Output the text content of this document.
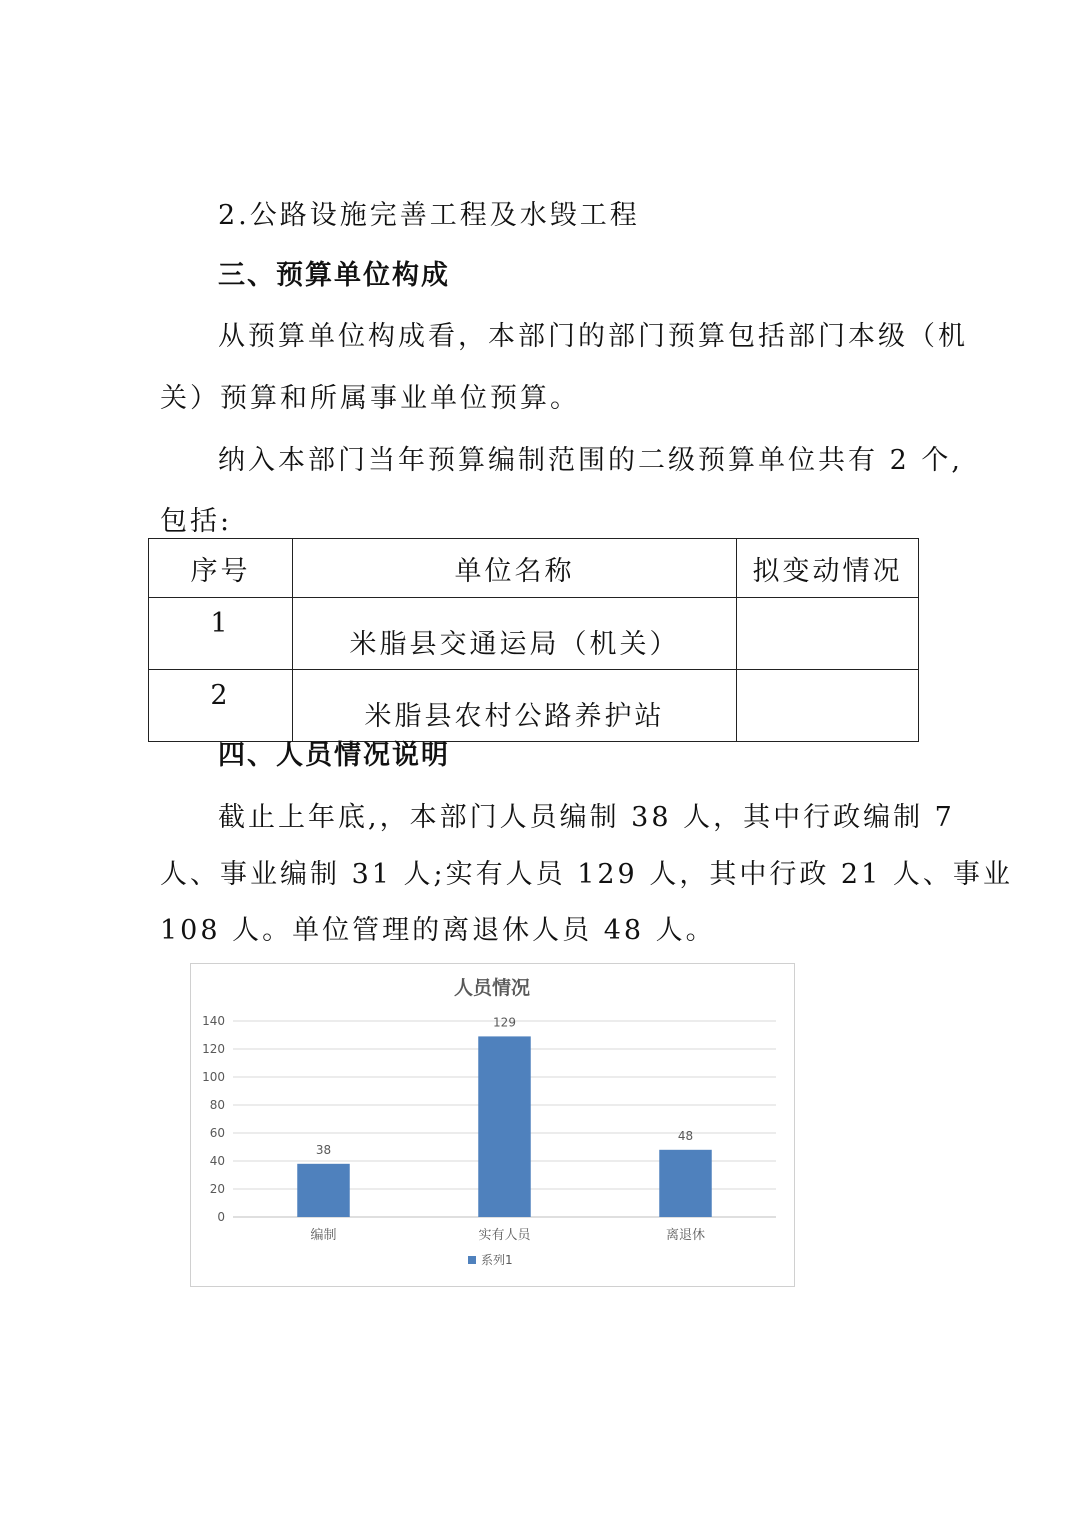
2.公路设施完善工程及水毁工程
三、预算单位构成
从预算单位构成看，本部门的部门预算包括部门本级（机
关）预算和所属事业单位预算。
纳入本部门当年预算编制范围的二级预算单位共有 2 个,
包括:
序号	单位名称	拟变动情况
1	米脂县交通运局（机关）	
2	米脂县农村公路养护站	
四、人员情况说明
截止上年底,，本部门人员编制 38 人，其中行政编制 7
人、事业编制 31 人;实有人员 129 人，其中行政 21 人、事业
108 人。单位管理的离退休人员 48 人。
人员情况
0
20
40
60
80
100
120
140
38
编制
129
实有人员
48
离退休
系列1
